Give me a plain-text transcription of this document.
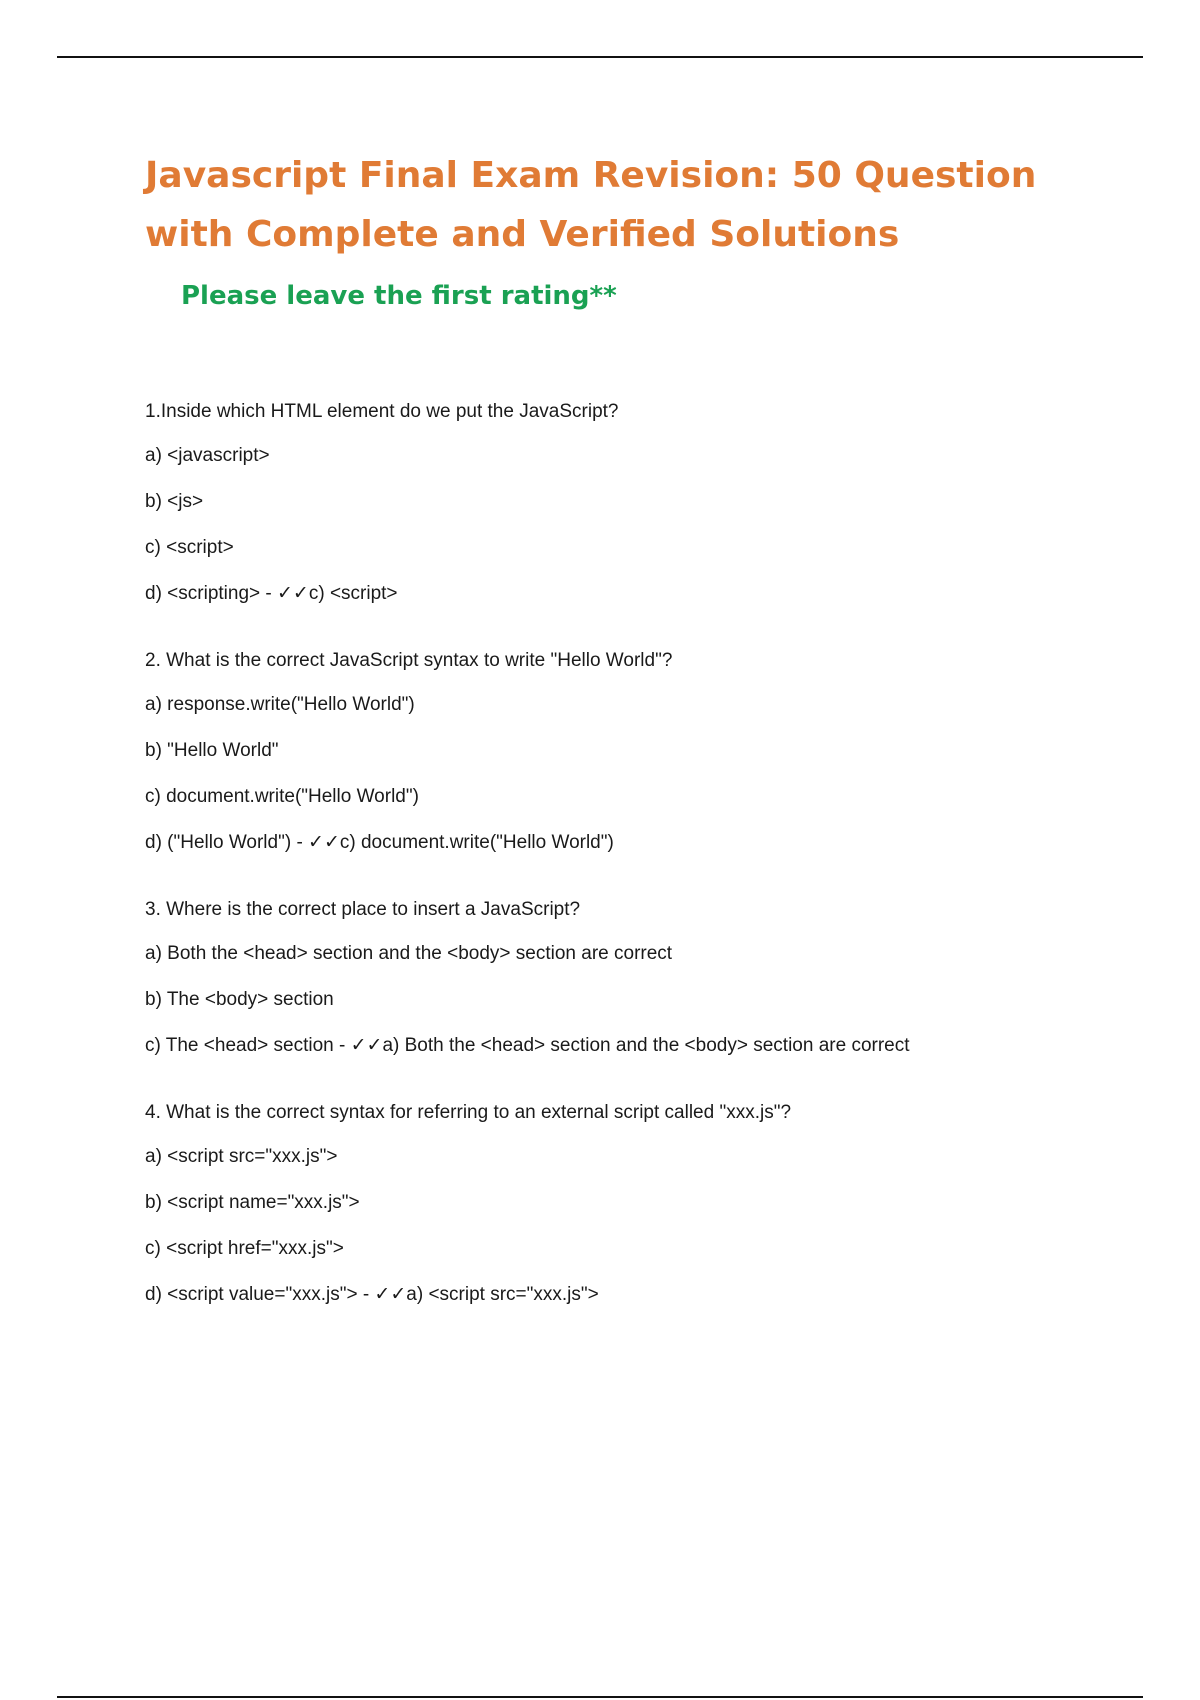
Javascript Final Exam Revision: 50 Question with Complete and Verified Solutions

Please leave the first rating**

1.Inside which HTML element do we put the JavaScript?
a) <javascript>
b) <js>
c) <script>
d) <scripting> - ✓✓c) <script>
2. What is the correct JavaScript syntax to write "Hello World"?
a) response.write("Hello World")
b) "Hello World"
c) document.write("Hello World")
d) ("Hello World") - ✓✓c) document.write("Hello World")
3. Where is the correct place to insert a JavaScript?
a) Both the <head> section and the <body> section are correct
b) The <body> section
c) The <head> section - ✓✓a) Both the <head> section and the <body> section are correct
4. What is the correct syntax for referring to an external script called "xxx.js"?
a) <script src="xxx.js">
b) <script name="xxx.js">
c) <script href="xxx.js">
d) <script value="xxx.js"> - ✓✓a) <script src="xxx.js">
